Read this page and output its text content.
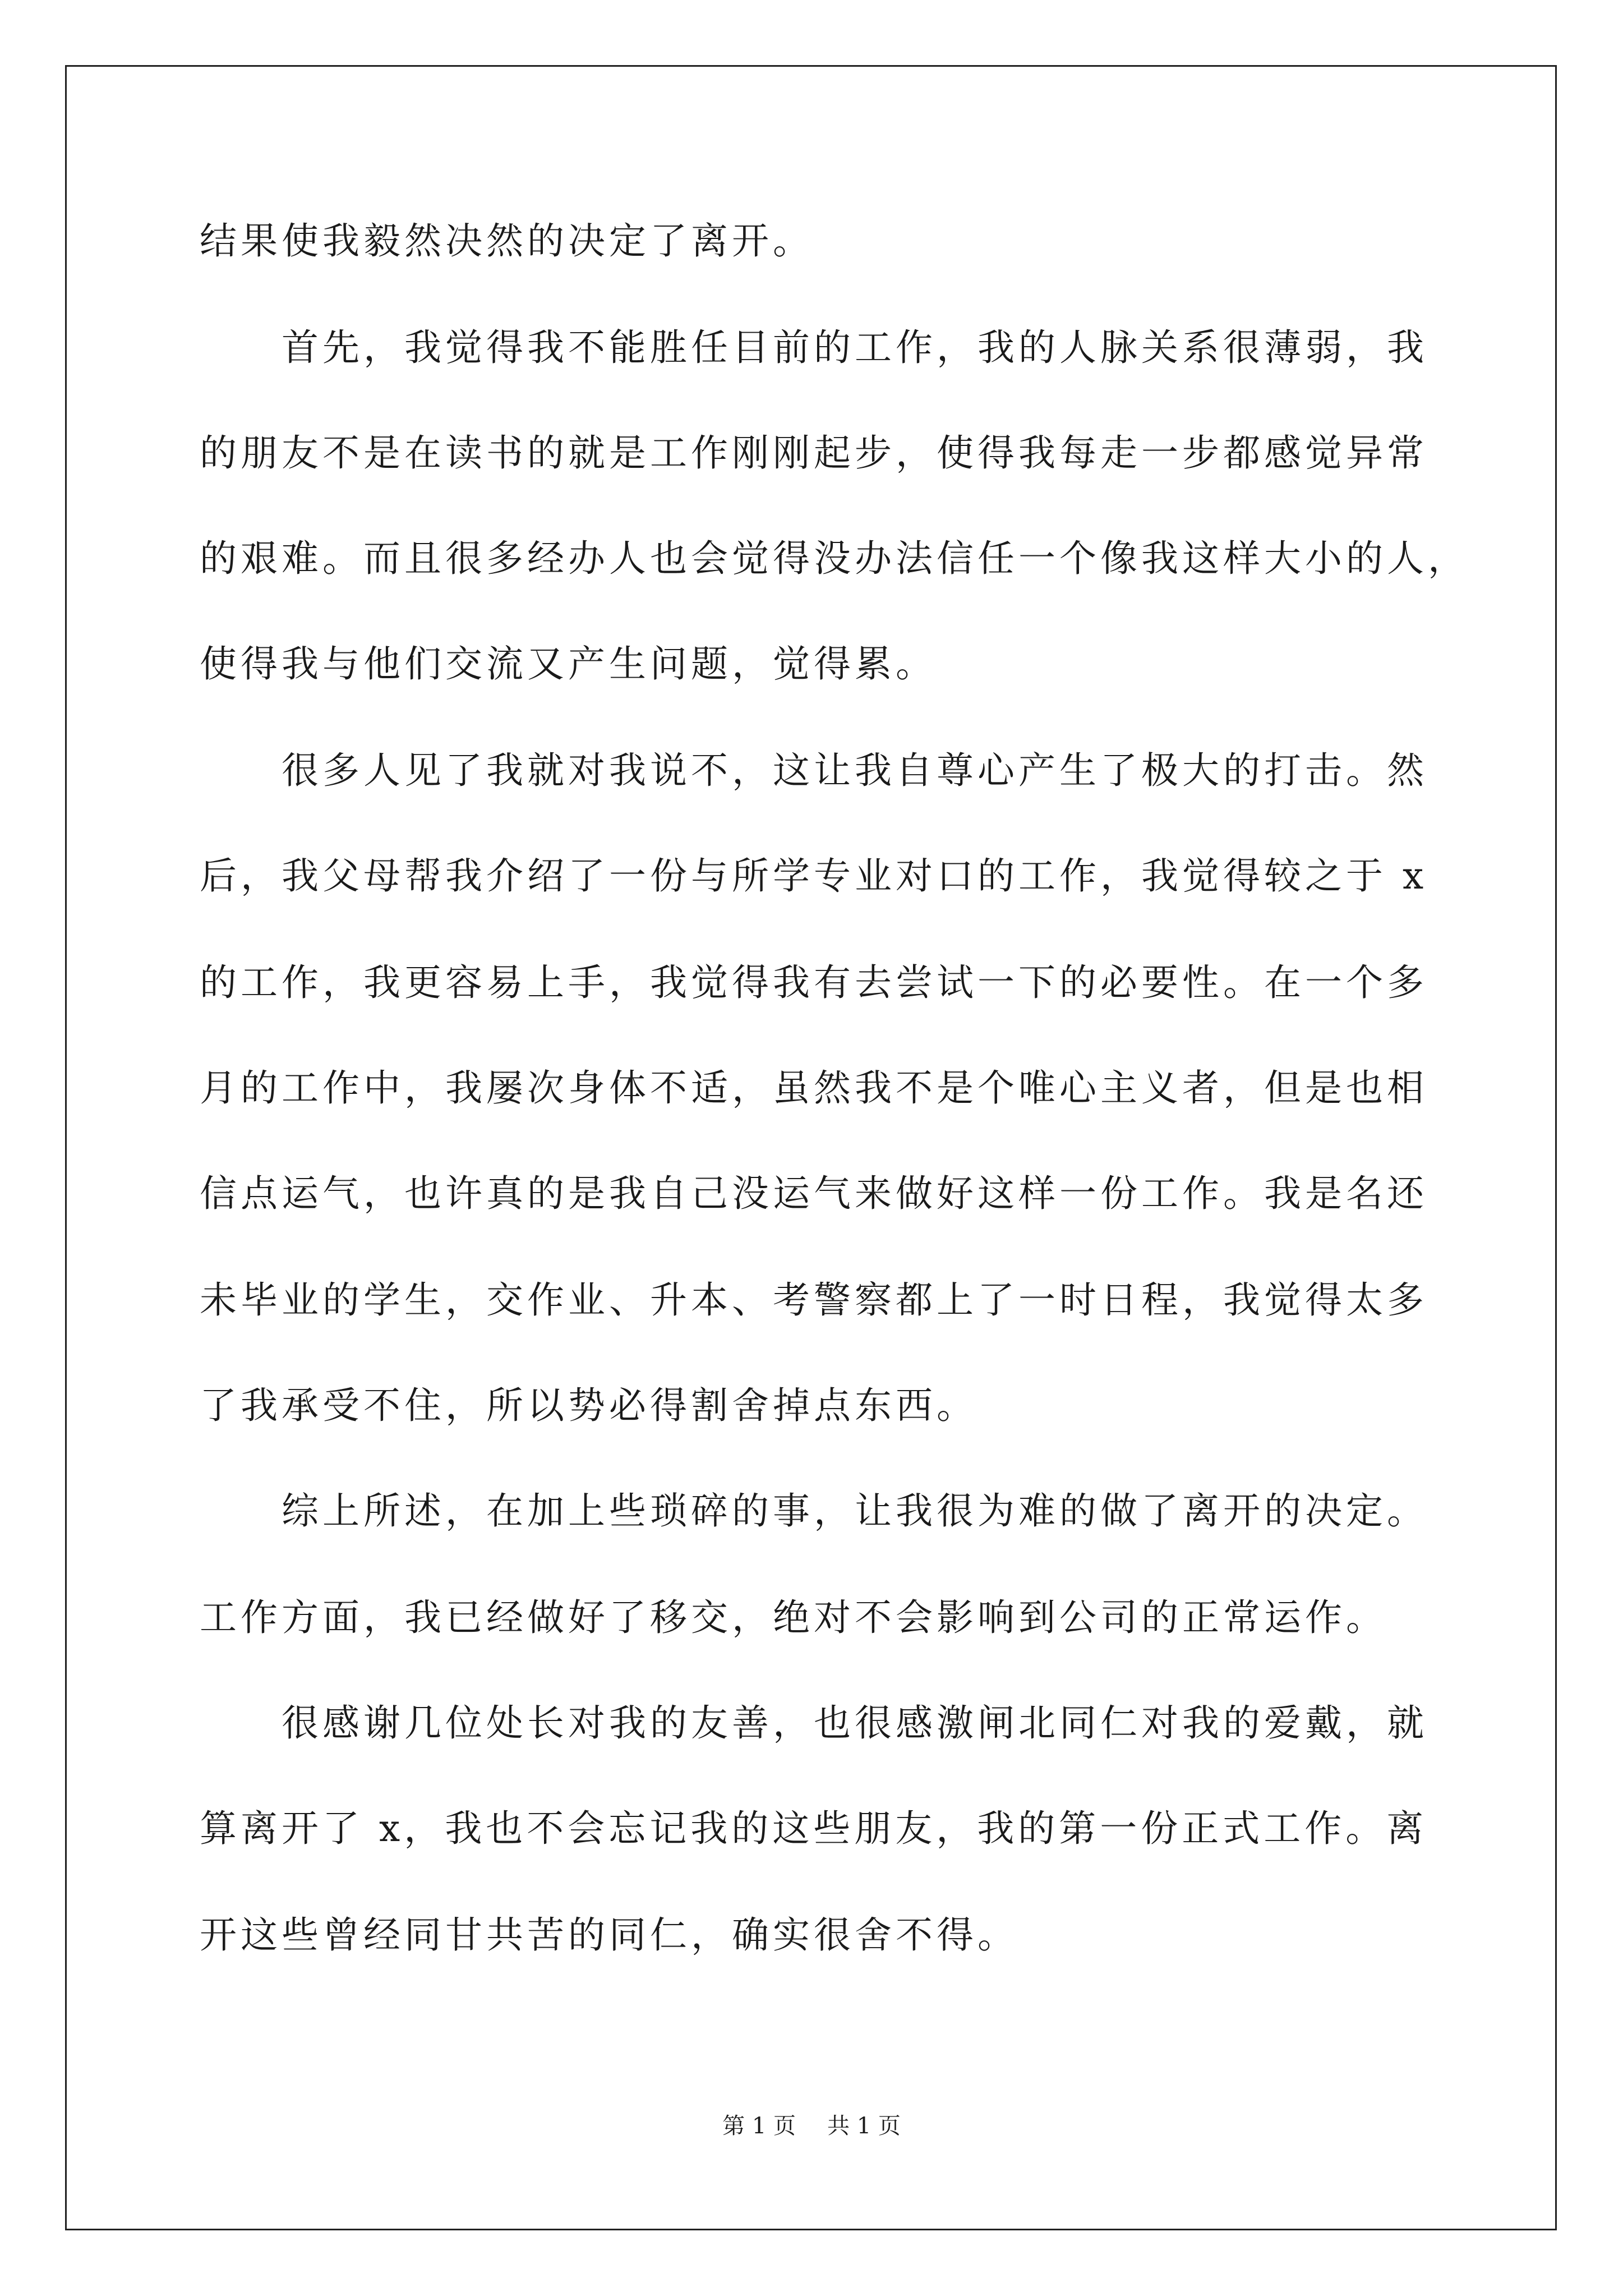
结果使我毅然决然的决定了离开。
首先，我觉得我不能胜任目前的工作，我的人脉关系很薄弱，我
的朋友不是在读书的就是工作刚刚起步，使得我每走一步都感觉异常
的艰难。而且很多经办人也会觉得没办法信任一个像我这样大小的人，
使得我与他们交流又产生问题，觉得累。
很多人见了我就对我说不，这让我自尊心产生了极大的打击。然
后，我父母帮我介绍了一份与所学专业对口的工作，我觉得较之于 x
的工作，我更容易上手，我觉得我有去尝试一下的必要性。在一个多
月的工作中，我屡次身体不适，虽然我不是个唯心主义者，但是也相
信点运气，也许真的是我自己没运气来做好这样一份工作。我是名还
未毕业的学生，交作业、升本、考警察都上了一时日程，我觉得太多
了我承受不住，所以势必得割舍掉点东西。
综上所述，在加上些琐碎的事，让我很为难的做了离开的决定。
工作方面，我已经做好了移交，绝对不会影响到公司的正常运作。
很感谢几位处长对我的友善，也很感激闸北同仁对我的爱戴，就
算离开了 x，我也不会忘记我的这些朋友，我的第一份正式工作。离
开这些曾经同甘共苦的同仁，确实很舍不得。
第 1 页 共 1 页
